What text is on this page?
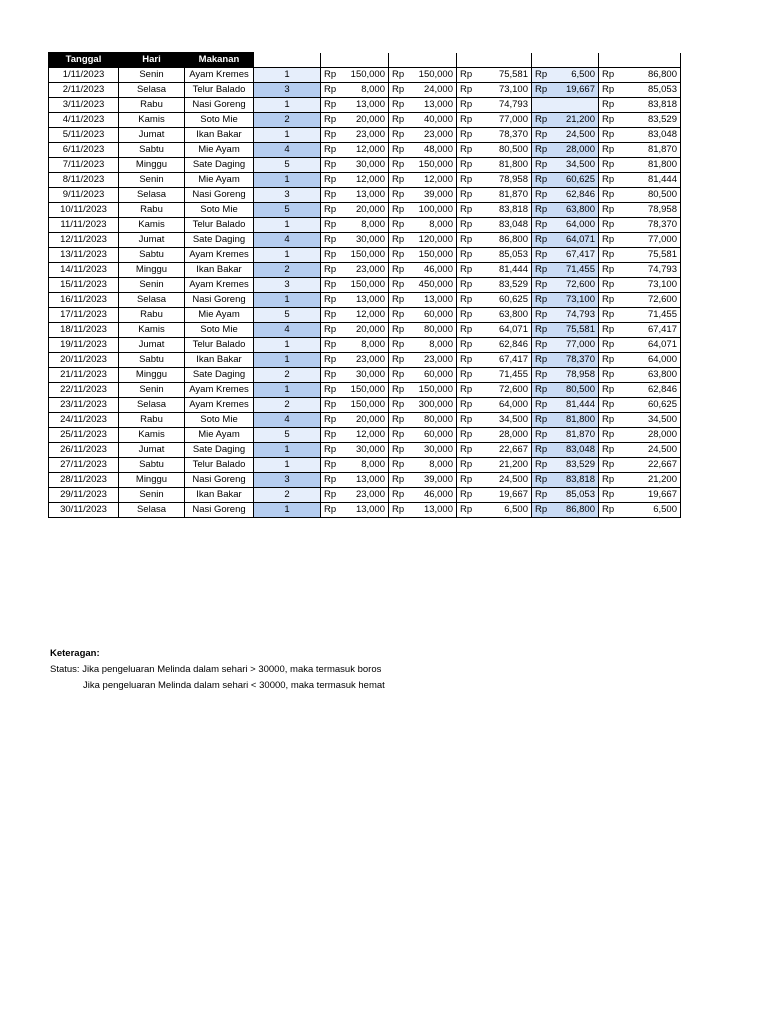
Tanggal	Hari	Makanan											
1/11/2023	Senin	Ayam Kremes	1	Rp	150,000	Rp	150,000	Rp	75,581	Rp	6,500	Rp	86,800
2/11/2023	Selasa	Telur Balado	3	Rp	8,000	Rp	24,000	Rp	73,100	Rp	19,667	Rp	85,053
3/11/2023	Rabu	Nasi Goreng	1	Rp	13,000	Rp	13,000	Rp	74,793			Rp	83,818
4/11/2023	Kamis	Soto Mie	2	Rp	20,000	Rp	40,000	Rp	77,000	Rp	21,200	Rp	83,529
5/11/2023	Jumat	Ikan Bakar	1	Rp	23,000	Rp	23,000	Rp	78,370	Rp	24,500	Rp	83,048
6/11/2023	Sabtu	Mie Ayam	4	Rp	12,000	Rp	48,000	Rp	80,500	Rp	28,000	Rp	81,870
7/11/2023	Minggu	Sate Daging	5	Rp	30,000	Rp	150,000	Rp	81,800	Rp	34,500	Rp	81,800
8/11/2023	Senin	Mie Ayam	1	Rp	12,000	Rp	12,000	Rp	78,958	Rp	60,625	Rp	81,444
9/11/2023	Selasa	Nasi Goreng	3	Rp	13,000	Rp	39,000	Rp	81,870	Rp	62,846	Rp	80,500
10/11/2023	Rabu	Soto Mie	5	Rp	20,000	Rp	100,000	Rp	83,818	Rp	63,800	Rp	78,958
11/11/2023	Kamis	Telur Balado	1	Rp	8,000	Rp	8,000	Rp	83,048	Rp	64,000	Rp	78,370
12/11/2023	Jumat	Sate Daging	4	Rp	30,000	Rp	120,000	Rp	86,800	Rp	64,071	Rp	77,000
13/11/2023	Sabtu	Ayam Kremes	1	Rp	150,000	Rp	150,000	Rp	85,053	Rp	67,417	Rp	75,581
14/11/2023	Minggu	Ikan Bakar	2	Rp	23,000	Rp	46,000	Rp	81,444	Rp	71,455	Rp	74,793
15/11/2023	Senin	Ayam Kremes	3	Rp	150,000	Rp	450,000	Rp	83,529	Rp	72,600	Rp	73,100
16/11/2023	Selasa	Nasi Goreng	1	Rp	13,000	Rp	13,000	Rp	60,625	Rp	73,100	Rp	72,600
17/11/2023	Rabu	Mie Ayam	5	Rp	12,000	Rp	60,000	Rp	63,800	Rp	74,793	Rp	71,455
18/11/2023	Kamis	Soto Mie	4	Rp	20,000	Rp	80,000	Rp	64,071	Rp	75,581	Rp	67,417
19/11/2023	Jumat	Telur Balado	1	Rp	8,000	Rp	8,000	Rp	62,846	Rp	77,000	Rp	64,071
20/11/2023	Sabtu	Ikan Bakar	1	Rp	23,000	Rp	23,000	Rp	67,417	Rp	78,370	Rp	64,000
21/11/2023	Minggu	Sate Daging	2	Rp	30,000	Rp	60,000	Rp	71,455	Rp	78,958	Rp	63,800
22/11/2023	Senin	Ayam Kremes	1	Rp	150,000	Rp	150,000	Rp	72,600	Rp	80,500	Rp	62,846
23/11/2023	Selasa	Ayam Kremes	2	Rp	150,000	Rp	300,000	Rp	64,000	Rp	81,444	Rp	60,625
24/11/2023	Rabu	Soto Mie	4	Rp	20,000	Rp	80,000	Rp	34,500	Rp	81,800	Rp	34,500
25/11/2023	Kamis	Mie Ayam	5	Rp	12,000	Rp	60,000	Rp	28,000	Rp	81,870	Rp	28,000
26/11/2023	Jumat	Sate Daging	1	Rp	30,000	Rp	30,000	Rp	22,667	Rp	83,048	Rp	24,500
27/11/2023	Sabtu	Telur Balado	1	Rp	8,000	Rp	8,000	Rp	21,200	Rp	83,529	Rp	22,667
28/11/2023	Minggu	Nasi Goreng	3	Rp	13,000	Rp	39,000	Rp	24,500	Rp	83,818	Rp	21,200
29/11/2023	Senin	Ikan Bakar	2	Rp	23,000	Rp	46,000	Rp	19,667	Rp	85,053	Rp	19,667
30/11/2023	Selasa	Nasi Goreng	1	Rp	13,000	Rp	13,000	Rp	6,500	Rp	86,800	Rp	6,500
Keteragan:
Status: Jika pengeluaran Melinda dalam sehari > 30000, maka termasuk boros
Jika pengeluaran Melinda dalam sehari < 30000, maka termasuk hemat
